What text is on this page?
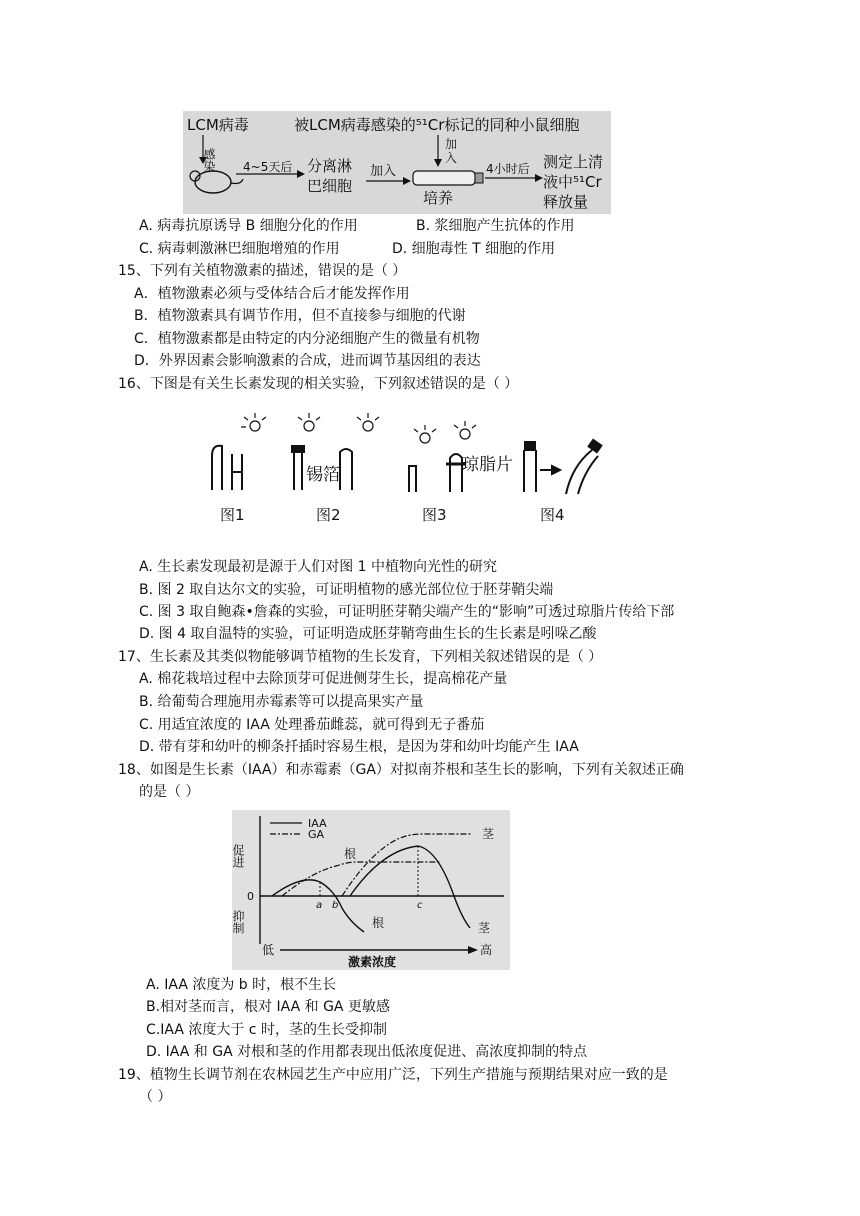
LCM病毒	被LCM病毒感染的⁵¹Cr标记的同种小鼠细胞
感染 4~5天后 分离淋
巴细胞
加入
加
入
培养
4小时后 测定上清
液中⁵¹Cr
释放量
A. 病毒抗原诱导 B 细胞分化的作用	B. 浆细胞产生抗体的作用
C. 病毒刺激淋巴细胞增殖的作用	D. 细胞毒性 T 细胞的作用
15、下列有关植物激素的描述，错误的是（ ）
A．植物激素必须与受体结合后才能发挥作用
B．植物激素具有调节作用，但不直接参与细胞的代谢
C．植物激素都是由特定的内分泌细胞产生的微量有机物
D．外界因素会影响激素的合成，进而调节基因组的表达
16、下图是有关生长素发现的相关实验，下列叙述错误的是（ ）
锡箔	琼脂片
图1	图2	图3	图4
A. 生长素发现最初是源于人们对图 1 中植物向光性的研究
B. 图 2 取自达尔文的实验，可证明植物的感光部位位于胚芽鞘尖端
C. 图 3 取自鲍森•詹森的实验，可证明胚芽鞘尖端产生的“影响”可透过琼脂片传给下部
D. 图 4 取自温特的实验，可证明造成胚芽鞘弯曲生长的生长素是吲哚乙酸
17、生长素及其类似物能够调节植物的生长发育，下列相关叙述错误的是（ ）
A. 棉花栽培过程中去除顶芽可促进侧芽生长，提高棉花产量
B. 给葡萄合理施用赤霉素等可以提高果实产量
C. 用适宜浓度的 IAA 处理番茄雌蕊，就可得到无子番茄
D. 带有芽和幼叶的柳条扦插时容易生根，是因为芽和幼叶均能产生 IAA
18、如图是生长素（IAA）和赤霉素（GA）对拟南芥根和茎生长的影响，下列有关叙述正确
的是（ ）
IAA
GA
促进
抑制
0
a b	c
根
根
茎
茎
低	高
激素浓度
A. IAA 浓度为 b 时，根不生长
B.相对茎而言，根对 IAA 和 GA 更敏感
C.IAA 浓度大于 c 时，茎的生长受抑制
D. IAA 和 GA 对根和茎的作用都表现出低浓度促进、高浓度抑制的特点
19、植物生长调节剂在农林园艺生产中应用广泛，下列生产措施与预期结果对应一致的是
（ ）
